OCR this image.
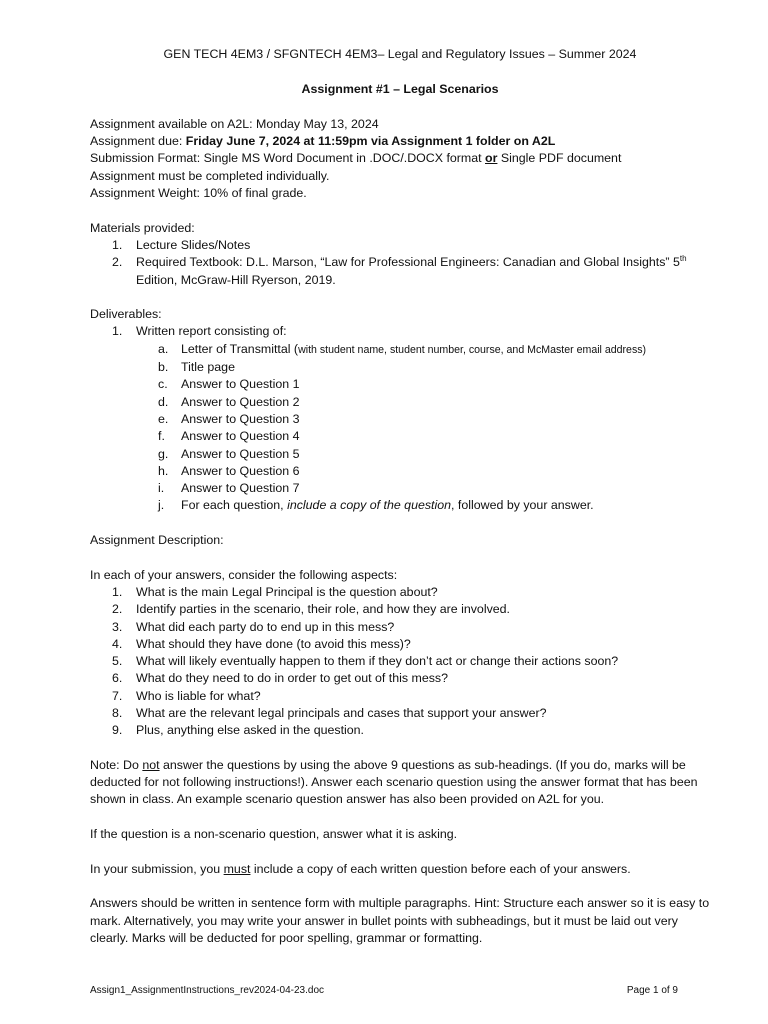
GEN TECH 4EM3 / SFGNTECH 4EM3– Legal and Regulatory Issues – Summer 2024

Assignment #1 – Legal Scenarios

Assignment available on A2L: Monday May 13, 2024

Assignment due: Friday June 7, 2024 at 11:59pm via Assignment 1 folder on A2L

Submission Format: Single MS Word Document in .DOC/.DOCX format or Single PDF document

Assignment must be completed individually.

Assignment Weight: 10% of final grade.

Materials provided:

1. Lecture Slides/Notes
2. Required Textbook: D.L. Marson, “Law for Professional Engineers: Canadian and Global Insights” 5th Edition, McGraw-Hill Ryerson, 2019.

Deliverables:

1. Written report consisting of:
a. Letter of Transmittal (with student name, student number, course, and McMaster email address)
b. Title page
c. Answer to Question 1
d. Answer to Question 2
e. Answer to Question 3
f. Answer to Question 4
g. Answer to Question 5
h. Answer to Question 6
i. Answer to Question 7
j. For each question, include a copy of the question, followed by your answer.

Assignment Description:

In each of your answers, consider the following aspects:

1. What is the main Legal Principal is the question about?
2. Identify parties in the scenario, their role, and how they are involved.
3. What did each party do to end up in this mess?
4. What should they have done (to avoid this mess)?
5. What will likely eventually happen to them if they don’t act or change their actions soon?
6. What do they need to do in order to get out of this mess?
7. Who is liable for what?
8. What are the relevant legal principals and cases that support your answer?
9. Plus, anything else asked in the question.

Note: Do not answer the questions by using the above 9 questions as sub-headings. (If you do, marks will be deducted for not following instructions!). Answer each scenario question using the answer format that has been shown in class. An example scenario question answer has also been provided on A2L for you.

If the question is a non-scenario question, answer what it is asking.

In your submission, you must include a copy of each written question before each of your answers.

Answers should be written in sentence form with multiple paragraphs. Hint: Structure each answer so it is easy to mark. Alternatively, you may write your answer in bullet points with subheadings, but it must be laid out very clearly. Marks will be deducted for poor spelling, grammar or formatting.

Assign1_AssignmentInstructions_rev2024-04-23.doc	Page 1 of 9
